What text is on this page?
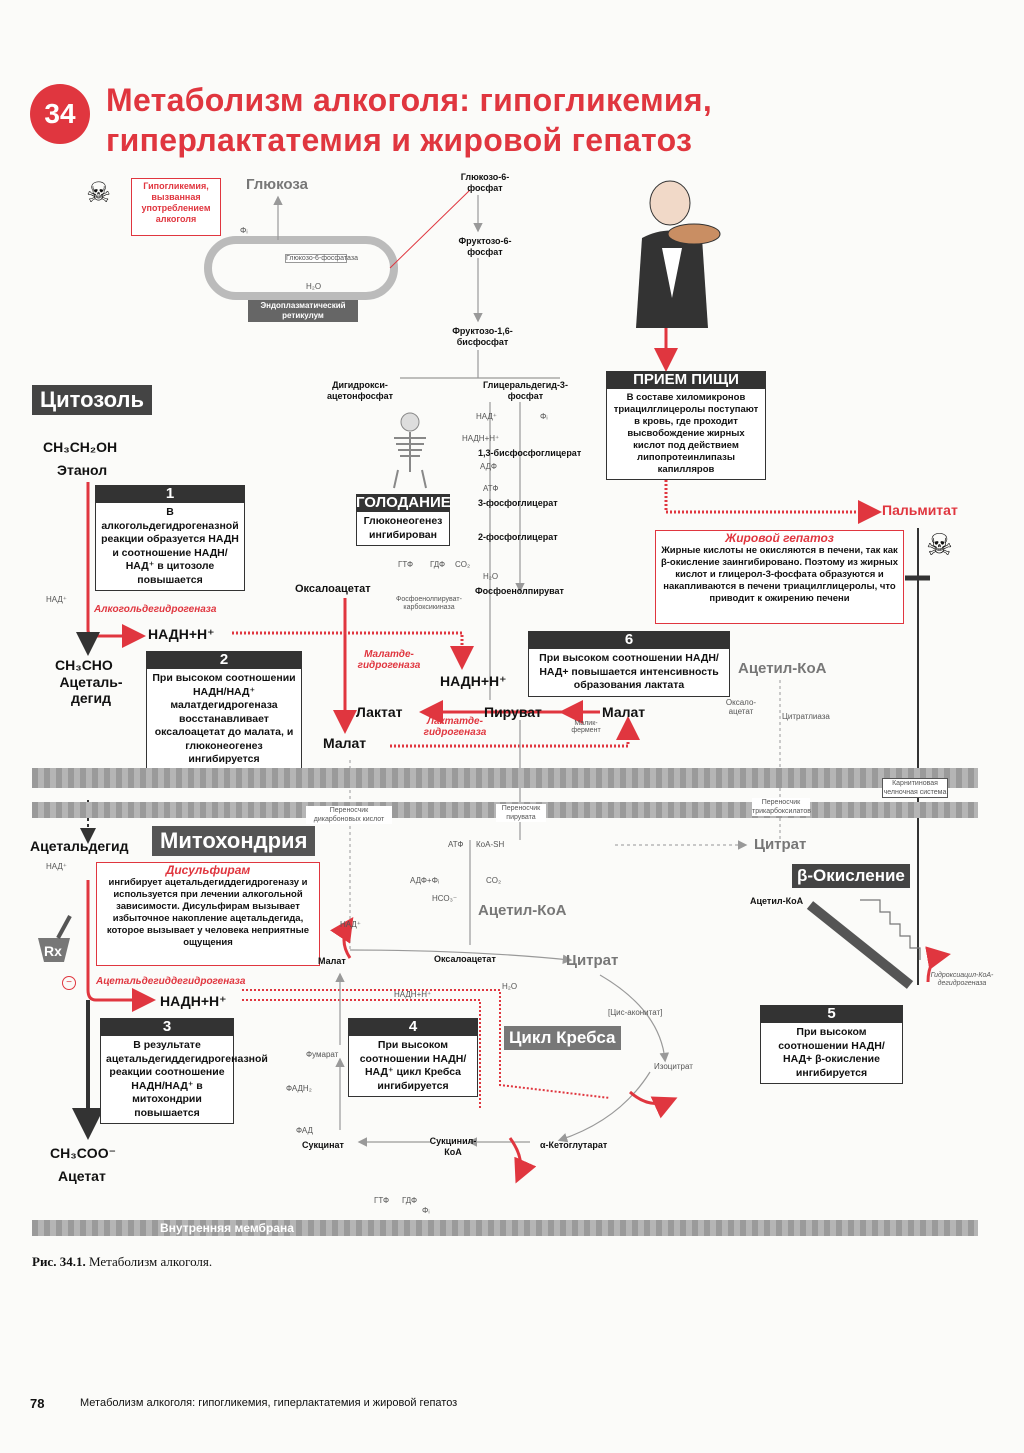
34 Метаболизм алкоголя: гипогликемия, гиперлактатемия и жировой гепатоз
☠	Гипогликемия, вызванная употреблением алкоголя
Глюкоза
Глюкозо-6-фосфатаза
H₂O
Φᵢ
Эндоплазматический ретикулум
Глюкозо-6-фосфат
Фруктозо-6-фосфат
Фруктозо-1,6-бисфосфат
Дигидрокси-ацетонфосфат
Глицеральдегид-3-фосфат
1,3-бисфосфоглицерат
3-фосфоглицерат
2-фосфоглицерат
Фосфоенолпируват
Оксалоацетат
Фосфоенолпируват-карбоксикиназа
НАД⁺	Φᵢ
НАДН+Н⁺
АДФ
АТФ
H₂O
ГТФ ГДФ CO₂
ГОЛОДАНИЕ
Глюконеогенез ингибирован
ПРИЕМ ПИЩИ
В составе хиломикронов триацилглицеролы поступают в кровь, где проходит высвобождение жирных кислот под действием липопротеинлипазы капилляров
Пальмитат
☠
Жировой гепатоз
Жирные кислоты не окисляются в печени, так как β-окисление заингибировано. Поэтому из жирных кислот и глицерол-3-фосфата образуются и накапливаются в печени триацилглицеролы, что приводит к ожирению печени
Цитозоль
CH₃CH₂OH
Этанол
НАД⁺
Алкогольдегидрогеназа
НАДН+Н⁺
CH₃CHO
Ацеталь-дегид
Малатде-гидрогеназа
НАДН+Н⁺
Лактат	Пируват	Малат
Лактатде-гидрогеназа
Малат
Ацетил-КоА
Малик-фермент
Оксало-ацетат
Цитратлиаза
1
В алкогольдегидрогеназной реакции образуется НАДН и соотношение НАДН/НАД⁺ в цитозоле повышается
2
При высоком соотношении НАДН/НАД⁺ малатдегидрогеназа восстанавливает оксалоацетат до малата, и глюконеогенез ингибируется
6
При высоком соотношении НАДН/НАД+ повышается интенсивность образования лактата
3
В результате ацетальдегиддегидрогеназной реакции соотношение НАДН/НАД⁺ в митохондрии повышается
4
При высоком соотношении НАДН/НАД⁺ цикл Кребса ингибируется
5
При высоком соотношении НАДН/НАД+ β-окисление ингибируется
Переносчик дикарбоновых кислот
Переносчик пирувата
Переносчик трикарбоксилатов
Карнитиновая челночная система
Митохондрия
Ацетальдегид
НАД⁺	Дисульфирам
ингибирует ацетальдегиддегидрогеназу и используется при лечении алкогольной зависимости. Дисульфирам вызывает избыточное накопление ацетальдегида, которое вызывает у человека неприятные ощущения
Rx
−	Ацетальдегиддегидрогеназа
НАДН+Н⁺
CH₃COO⁻
Ацетат
Цитрат
β-Окисление
Ацетил-КоА
Ацетил-КоА
Оксалоацетат	Цитрат
Цикл Кребса
Малат
Фумарат
Сукцинат	Сукцинил-КоА
α-Кетоглутарат
Изоцитрат
[Цис-аконитат]
Гидроксиацил-КоА-дегидрогеназа
АТФ КоА-SH
НАД⁺
АДФ+Φᵢ	CO₂
НАДН+Н⁺
НСО₃⁻
H₂O
ФАДН₂
ФАД
ГТФ ГДФ
Φᵢ
Внутренняя мембрана
Рис. 34.1. Метаболизм алкоголя.
78	Метаболизм алкоголя: гипогликемия, гиперлактатемия и жировой гепатоз
